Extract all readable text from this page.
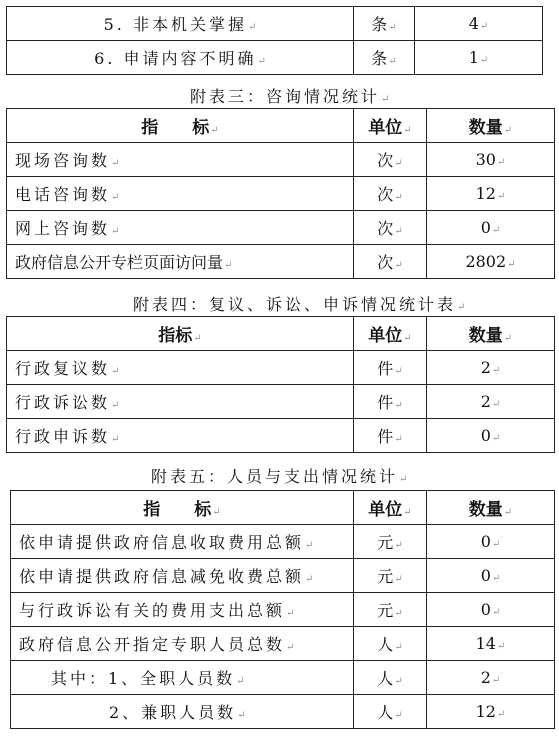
5. 非本机关掌握↵	条↵	4↵
6. 申请内容不明确↵	条↵	1↵
附表三：咨询情况统计↵
指　　标↵	单位↵	数量↵
现场咨询数↵	次↵	30↵
电话咨询数↵	次↵	12↵
网上咨询数↵	次↵	0↵
政府信息公开专栏页面访问量↵	次↵	2802↵
附表四：复议、诉讼、申诉情况统计表↵
指标↵	单位↵	数量↵
行政复议数↵	件↵	2↵
行政诉讼数↵	件↵	2↵
行政申诉数↵	件↵	0↵
附表五：人员与支出情况统计↵
指　　标↵	单位↵	数量↵
依申请提供政府信息收取费用总额↵	元↵	0↵
依申请提供政府信息减免收费总额↵	元↵	0↵
与行政诉讼有关的费用支出总额↵	元↵	0↵
政府信息公开指定专职人员总数↵	人↵	14↵
其中：1、全职人员数↵	人↵	2↵
2、兼职人员数↵	人↵	12↵
